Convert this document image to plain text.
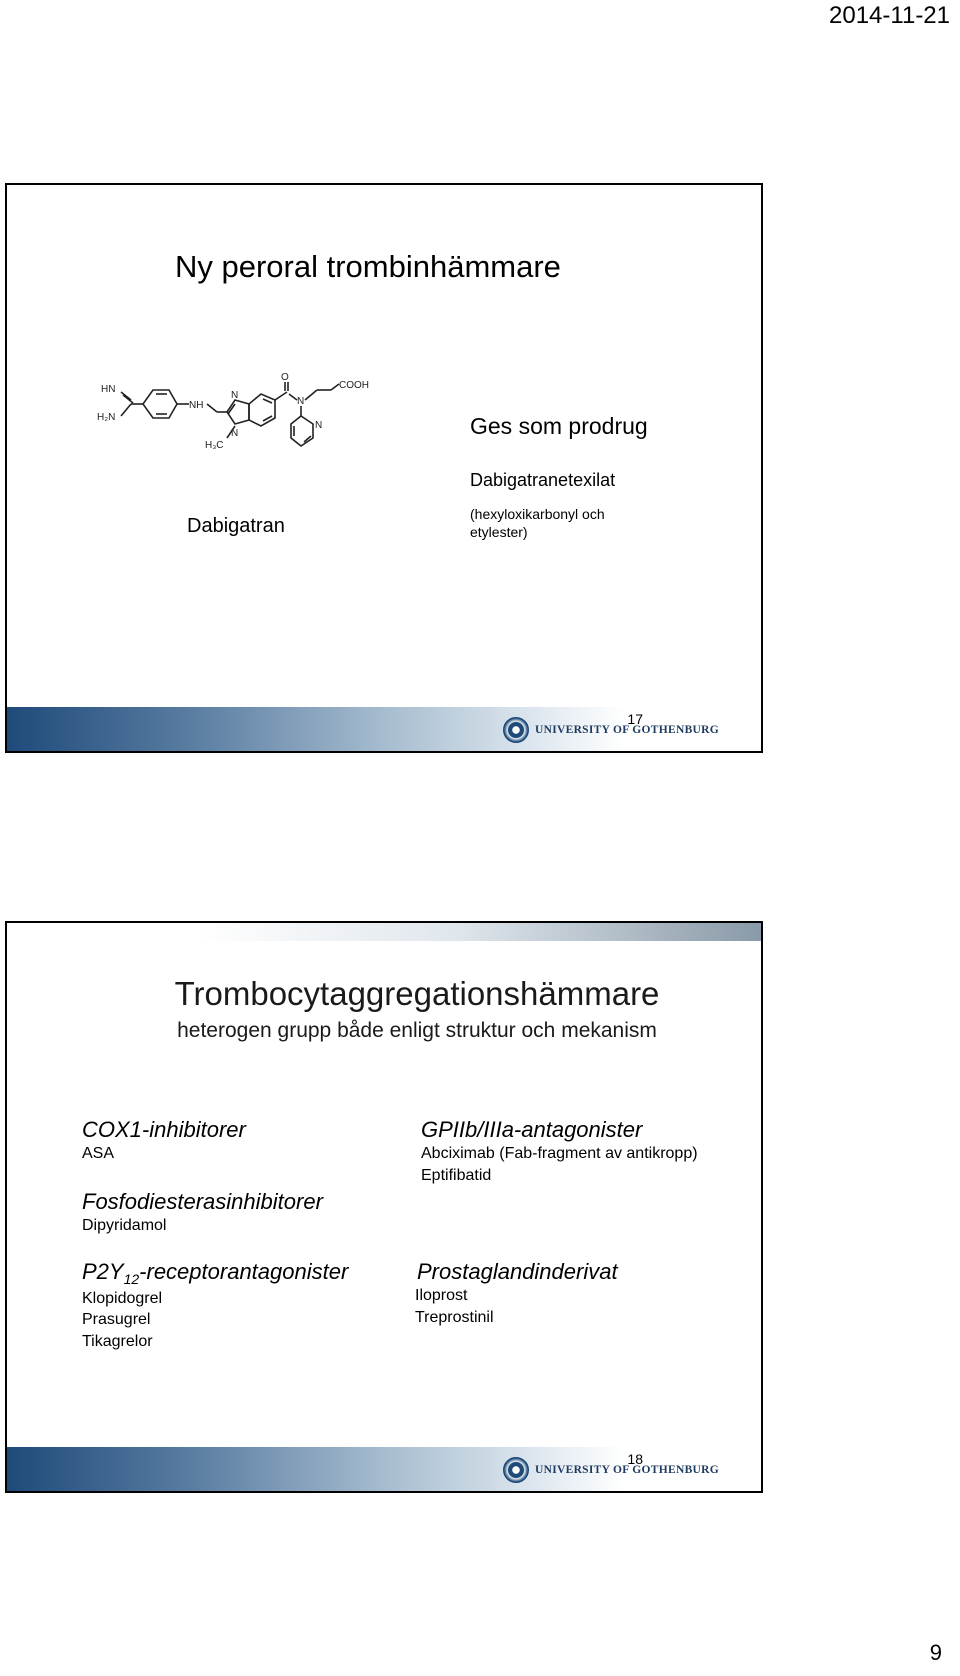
2014-11-21
Ny peroral trombinhämmare
HN
H₂N
NH
N
N
H₃C
O
N
COOH
N
Dabigatran
Ges som prodrug
Dabigatranetexilat
(hexyloxikarbonyl och etylester)
17
UNIVERSITY OF GOTHENBURG
Trombocytaggregationshämmare
heterogen grupp både enligt struktur och mekanism
COX1-inhibitorer
ASA
Fosfodiesterasinhibitorer
Dipyridamol
$P2Y_{12}$-receptorantagonister
Klopidogrel
Prasugrel
Tikagrelor
GPIIb/IIIa-antagonister
Abciximab (Fab-fragment av antikropp)
Eptifibatid
Prostaglandinderivat
Iloprost
Treprostinil
18
UNIVERSITY OF GOTHENBURG
9
